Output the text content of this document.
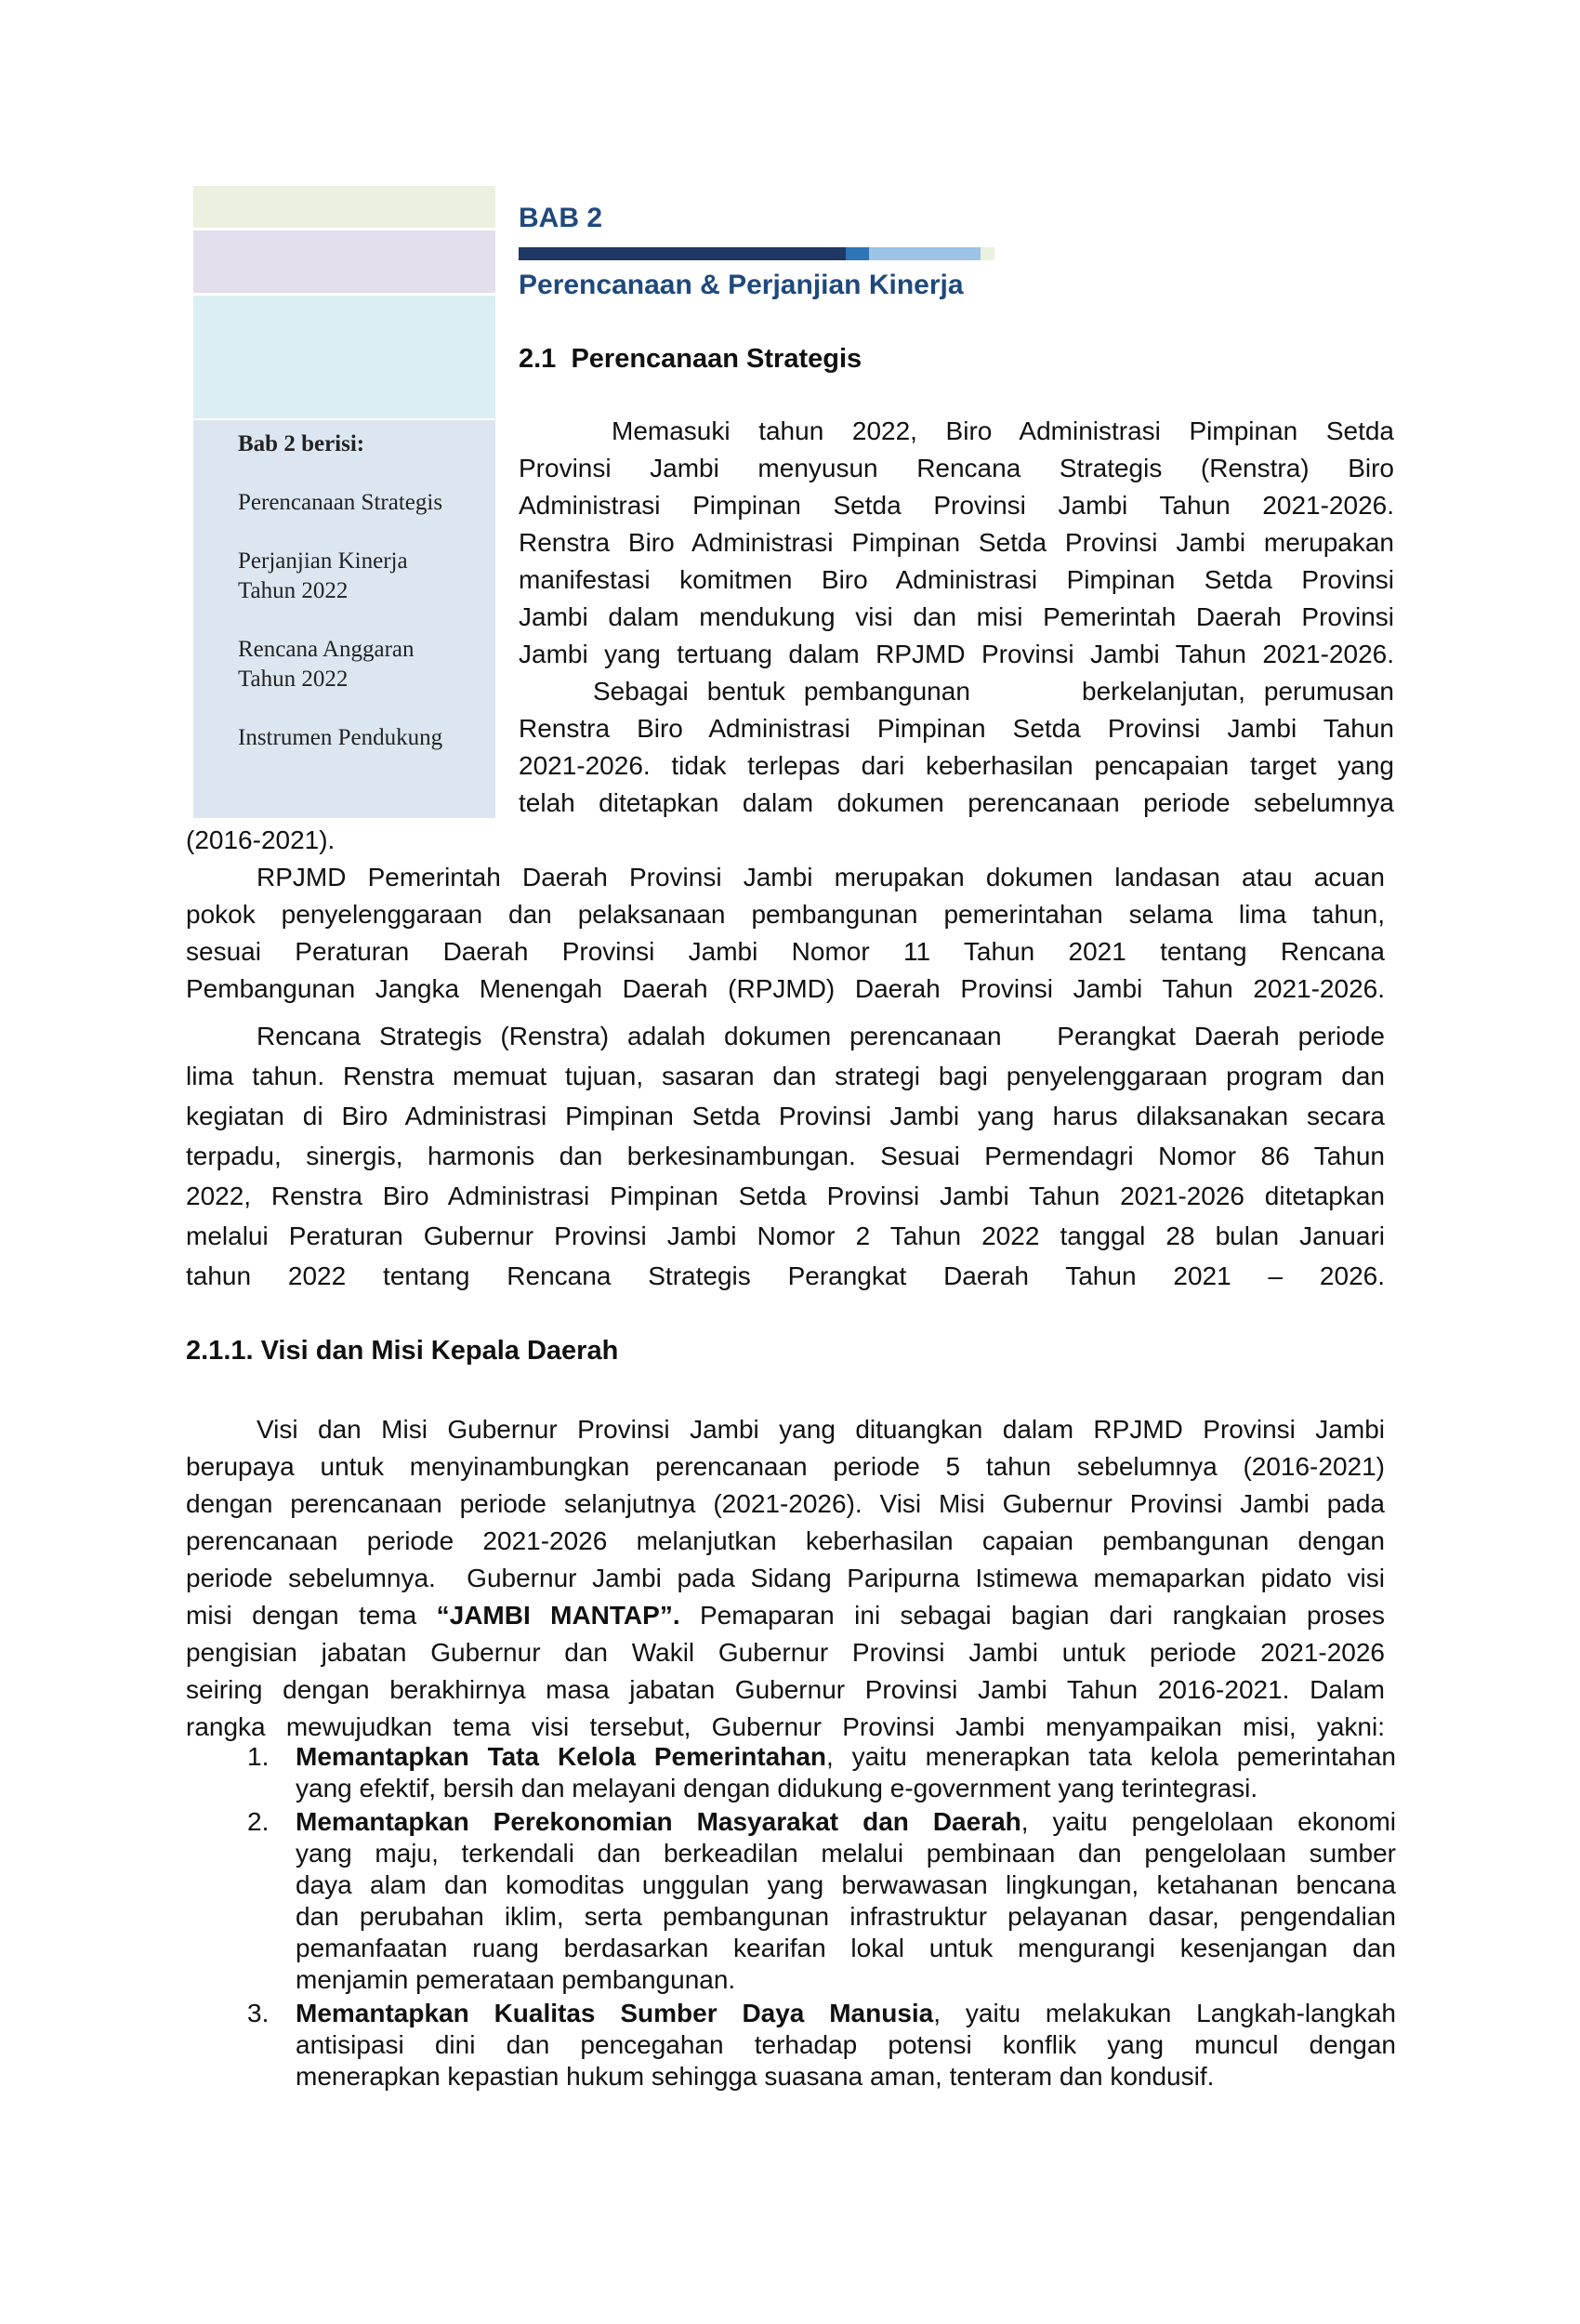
Bab 2 berisi:
Perencanaan Strategis
Perjanjian Kinerja
Tahun 2022
Rencana Anggaran
Tahun 2022
Instrumen Pendukung
BAB 2
Perencanaan & Perjanjian Kinerja
2.1 Perencanaan Strategis
Memasuki tahun 2022, Biro Administrasi Pimpinan Setda
Provinsi Jambi menyusun Rencana Strategis (Renstra) Biro
Administrasi Pimpinan Setda Provinsi Jambi Tahun 2021-2026.
Renstra Biro Administrasi Pimpinan Setda Provinsi Jambi merupakan
manifestasi komitmen Biro Administrasi Pimpinan Setda Provinsi
Jambi dalam mendukung visi dan misi Pemerintah Daerah Provinsi
Jambi yang tertuang dalam RPJMD Provinsi Jambi Tahun 2021-2026.
Sebagai bentuk pembangunan      berkelanjutan, perumusan
Renstra Biro Administrasi Pimpinan Setda Provinsi Jambi Tahun
2021-2026. tidak terlepas dari keberhasilan pencapaian target yang
telah ditetapkan dalam dokumen perencanaan periode sebelumnya
(2016-2021).
RPJMD Pemerintah Daerah Provinsi Jambi merupakan dokumen landasan atau acuan
pokok penyelenggaraan dan pelaksanaan pembangunan pemerintahan selama lima tahun,
sesuai Peraturan Daerah Provinsi Jambi Nomor 11 Tahun 2021 tentang Rencana
Pembangunan Jangka Menengah Daerah (RPJMD) Daerah Provinsi Jambi Tahun 2021-2026.
Rencana Strategis (Renstra) adalah dokumen perencanaan   Perangkat Daerah periode
lima tahun. Renstra memuat tujuan, sasaran dan strategi bagi penyelenggaraan program dan
kegiatan di Biro Administrasi Pimpinan Setda Provinsi Jambi yang harus dilaksanakan secara
terpadu, sinergis, harmonis dan berkesinambungan. Sesuai Permendagri Nomor 86 Tahun
2022, Renstra Biro Administrasi Pimpinan Setda Provinsi Jambi Tahun 2021-2026 ditetapkan
melalui Peraturan Gubernur Provinsi Jambi Nomor 2 Tahun 2022 tanggal 28 bulan Januari
tahun 2022 tentang Rencana Strategis Perangkat Daerah Tahun 2021 – 2026.
2.1.1. Visi dan Misi Kepala Daerah
Visi dan Misi Gubernur Provinsi Jambi yang dituangkan dalam RPJMD Provinsi Jambi
berupaya untuk menyinambungkan perencanaan periode 5 tahun sebelumnya (2016-2021)
dengan perencanaan periode selanjutnya (2021-2026). Visi Misi Gubernur Provinsi Jambi pada
perencanaan periode 2021-2026 melanjutkan keberhasilan capaian pembangunan dengan
periode sebelumnya.  Gubernur Jambi pada Sidang Paripurna Istimewa memaparkan pidato visi
misi dengan tema “JAMBI MANTAP”. Pemaparan ini sebagai bagian dari rangkaian proses
pengisian jabatan Gubernur dan Wakil Gubernur Provinsi Jambi untuk periode 2021-2026
seiring dengan berakhirnya masa jabatan Gubernur Provinsi Jambi Tahun 2016-2021. Dalam
rangka mewujudkan tema visi tersebut, Gubernur Provinsi Jambi menyampaikan misi, yakni:
1. Memantapkan Tata Kelola Pemerintahan, yaitu menerapkan tata kelola pemerintahan
yang efektif, bersih dan melayani dengan didukung e-government yang terintegrasi.
2. Memantapkan Perekonomian Masyarakat dan Daerah, yaitu pengelolaan ekonomi
yang maju, terkendali dan berkeadilan melalui pembinaan dan pengelolaan sumber
daya alam dan komoditas unggulan yang berwawasan lingkungan, ketahanan bencana
dan perubahan iklim, serta pembangunan infrastruktur pelayanan dasar, pengendalian
pemanfaatan ruang berdasarkan kearifan lokal untuk mengurangi kesenjangan dan
menjamin pemerataan pembangunan.
3. Memantapkan Kualitas Sumber Daya Manusia, yaitu melakukan Langkah-langkah
antisipasi dini dan pencegahan terhadap potensi konflik yang muncul dengan
menerapkan kepastian hukum sehingga suasana aman, tenteram dan kondusif.
